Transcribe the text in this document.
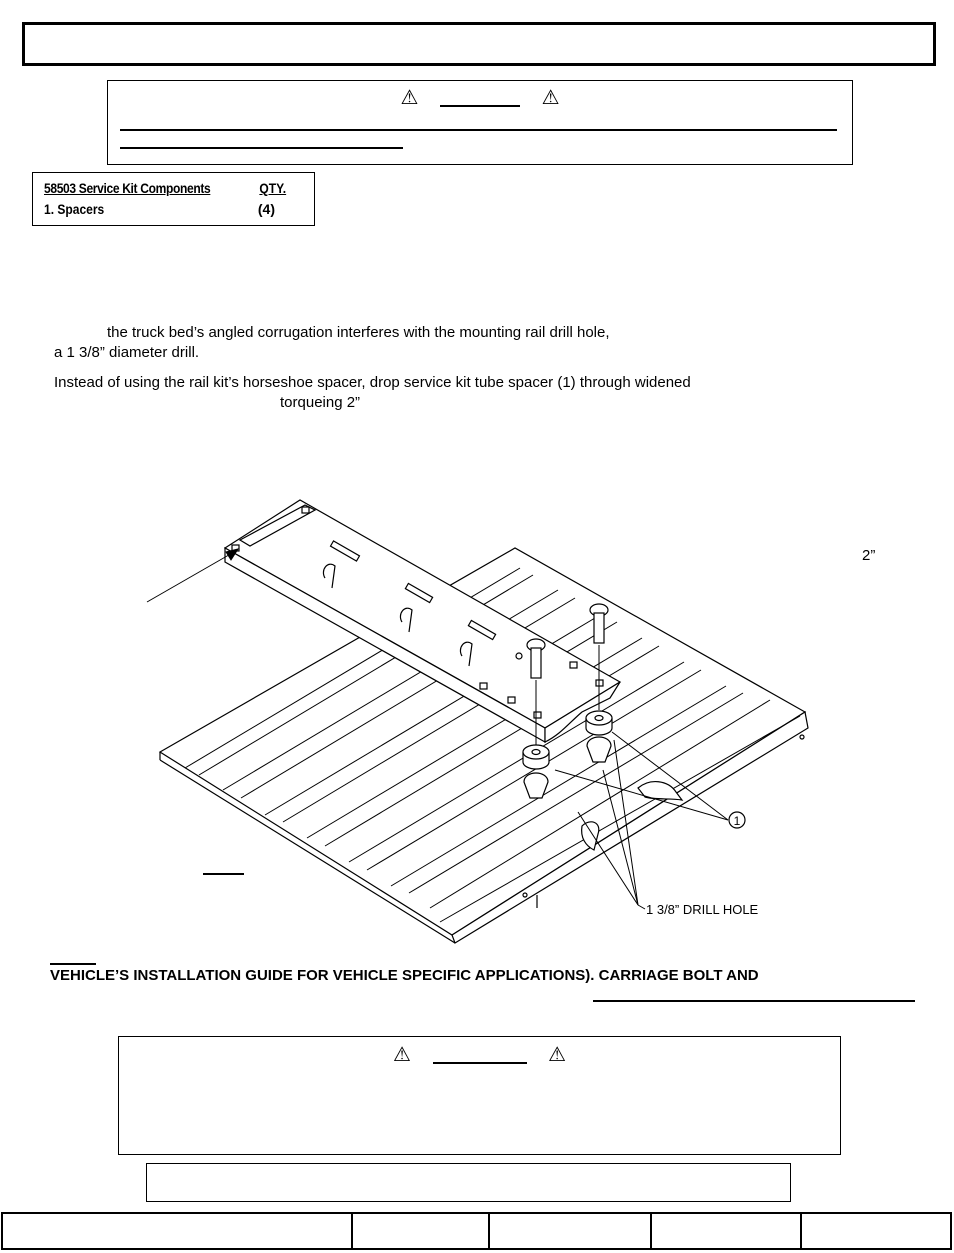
⚠	⚠
58503 Service Kit Components	QTY.
1. Spacers	(4)
the truck bed’s angled corrugation interferes with the mounting rail drill hole,
a 1 3/8” diameter drill.
Instead of using the rail kit’s horseshoe spacer, drop service kit tube spacer (1) through widened
torqueing 2”
2”
1
1 3/8” DRILL HOLE
VEHICLE’S INSTALLATION GUIDE FOR VEHICLE SPECIFIC APPLICATIONS). CARRIAGE BOLT AND
⚠	⚠
